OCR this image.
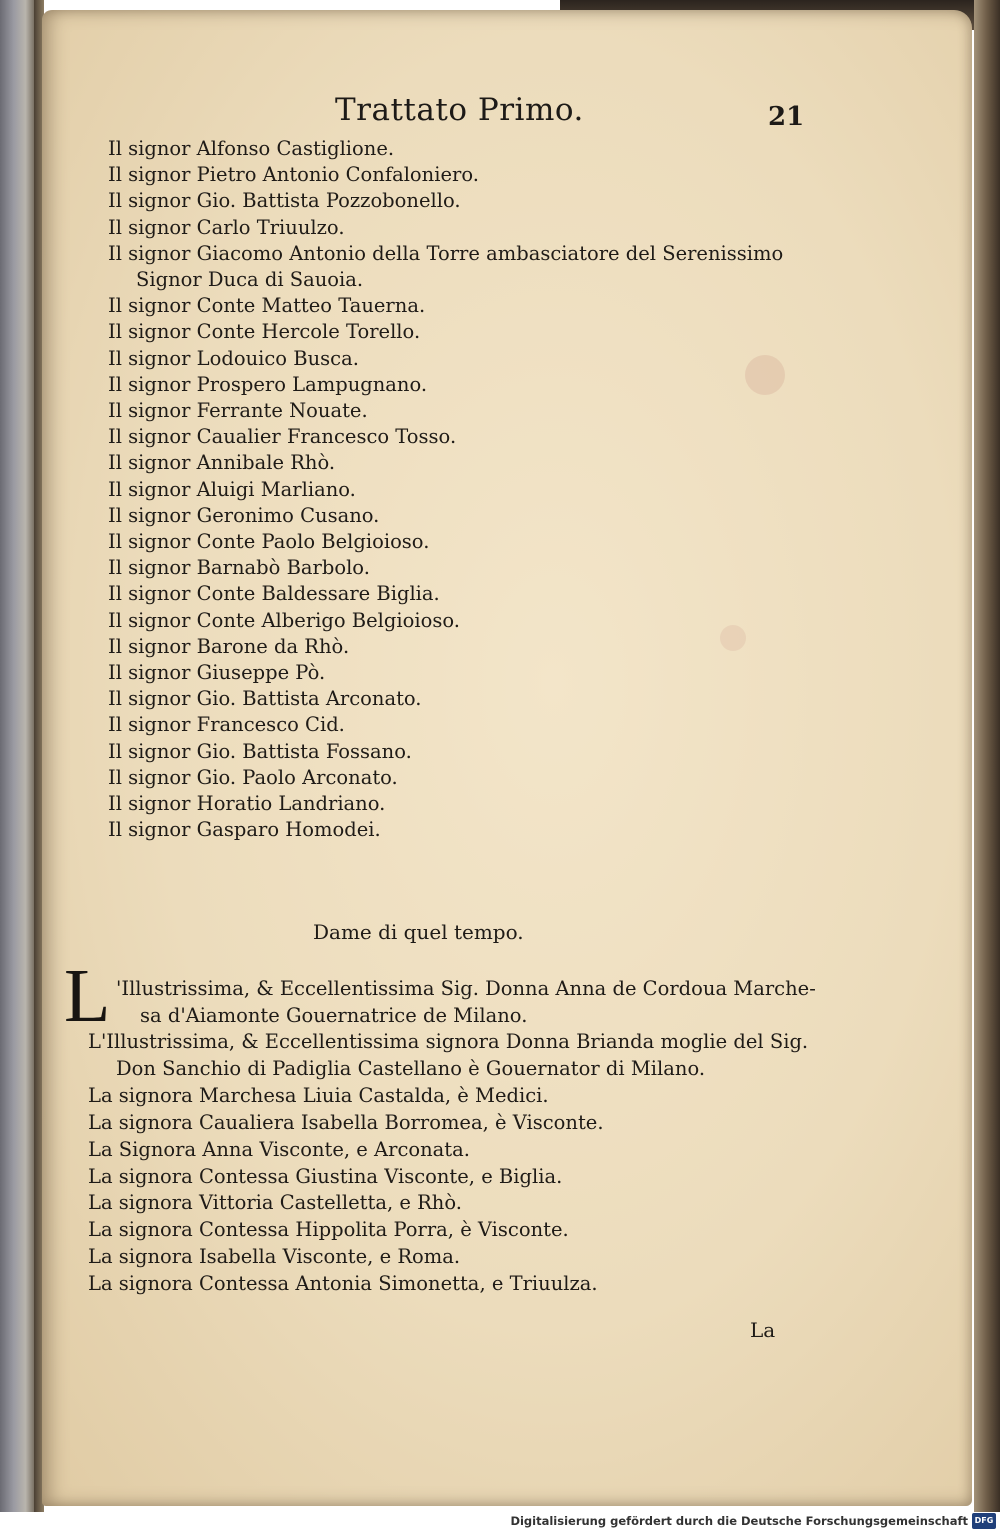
Trattato Primo.	21
Il signor Alfonso Castiglione.
Il signor Pietro Antonio Confaloniero.
Il signor Gio. Battista Pozzobonello.
Il signor Carlo Triuulzo.
Il signor Giacomo Antonio della Torre ambasciatore del Serenissimo
Signor Duca di Sauoia.
Il signor Conte Matteo Tauerna.
Il signor Conte Hercole Torello.
Il signor Lodouico Busca.
Il signor Prospero Lampugnano.
Il signor Ferrante Nouate.
Il signor Caualier Francesco Tosso.
Il signor Annibale Rhò.
Il signor Aluigi Marliano.
Il signor Geronimo Cusano.
Il signor Conte Paolo Belgioioso.
Il signor Barnabò Barbolo.
Il signor Conte Baldessare Biglia.
Il signor Conte Alberigo Belgioioso.
Il signor Barone da Rhò.
Il signor Giuseppe Pò.
Il signor Gio. Battista Arconato.
Il signor Francesco Cid.
Il signor Gio. Battista Fossano.
Il signor Gio. Paolo Arconato.
Il signor Horatio Landriano.
Il signor Gasparo Homodei.
Dame di quel tempo.
L 'Illustrissima, & Eccellentissima Sig. Donna Anna de Cordoua Marche-
sa d'Aiamonte Gouernatrice de Milano.

L'Illustrissima, & Eccellentissima signora Donna Brianda moglie del Sig.
Don Sanchio di Padiglia Castellano è Gouernator di Milano.
La signora Marchesa Liuia Castalda, è Medici.
La signora Caualiera Isabella Borromea, è Visconte.
La Signora Anna Visconte, e Arconata.
La signora Contessa Giustina Visconte, e Biglia.
La signora Vittoria Castelletta, e Rhò.
La signora Contessa Hippolita Porra, è Visconte.
La signora Isabella Visconte, e Roma.
La signora Contessa Antonia Simonetta, e Triuulza.
La
Digitalisierung gefördert durch die Deutsche Forschungsgemeinschaft DFG
